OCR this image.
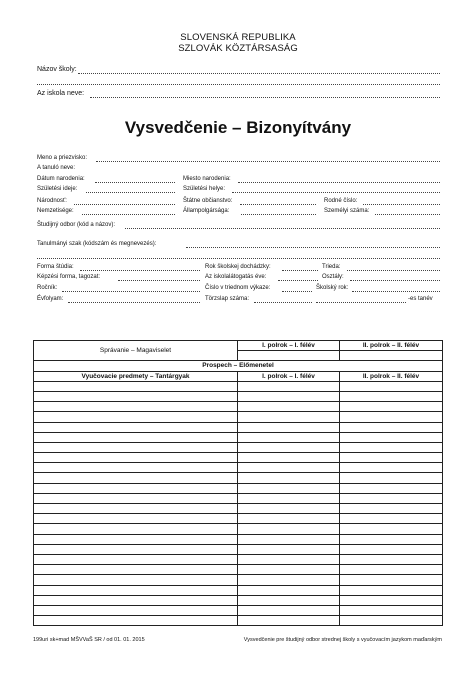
SLOVENSKÁ REPUBLIKA
SZLOVÁK KÖZTÁRSASÁG
Názov školy:
Az iskola neve:
Vysvedčenie – Bizonyítvány
Meno a priezvisko:
A tanuló neve:
Dátum narodenia:	Miesto narodenia:
Születési ideje:	Születési helye:
Národnosť:	Štátne občianstvo:	Rodné číslo:
Nemzetisége:	Állampolgársága:	Személyi száma:
Študijný odbor (kód a názov):
Tanulmányi szak (kódszám és megnevezés):
Forma štúdia:	Rok školskej dochádzky:	Trieda:
Képzési forma, tagozat:	Az iskolalátogatás éve:	Osztály:
Ročník:	Číslo v triednom výkaze:	Školský rok:
Évfolyam:	Törzslap száma:	-es tanév
Správanie – Magaviselet	I. polrok – I. félév	II. polrok – II. félév

Prospech – Előmenetel		
Vyučovacie predmety – Tantárgyak	I. polrok – I. félév	II. polrok – II. félév

199uri sk+mad MŠVVaŠ SR / od 01. 01. 2015	Vysvedčenie pre študijný odbor strednej školy s vyučovacím jazykom maďarským
